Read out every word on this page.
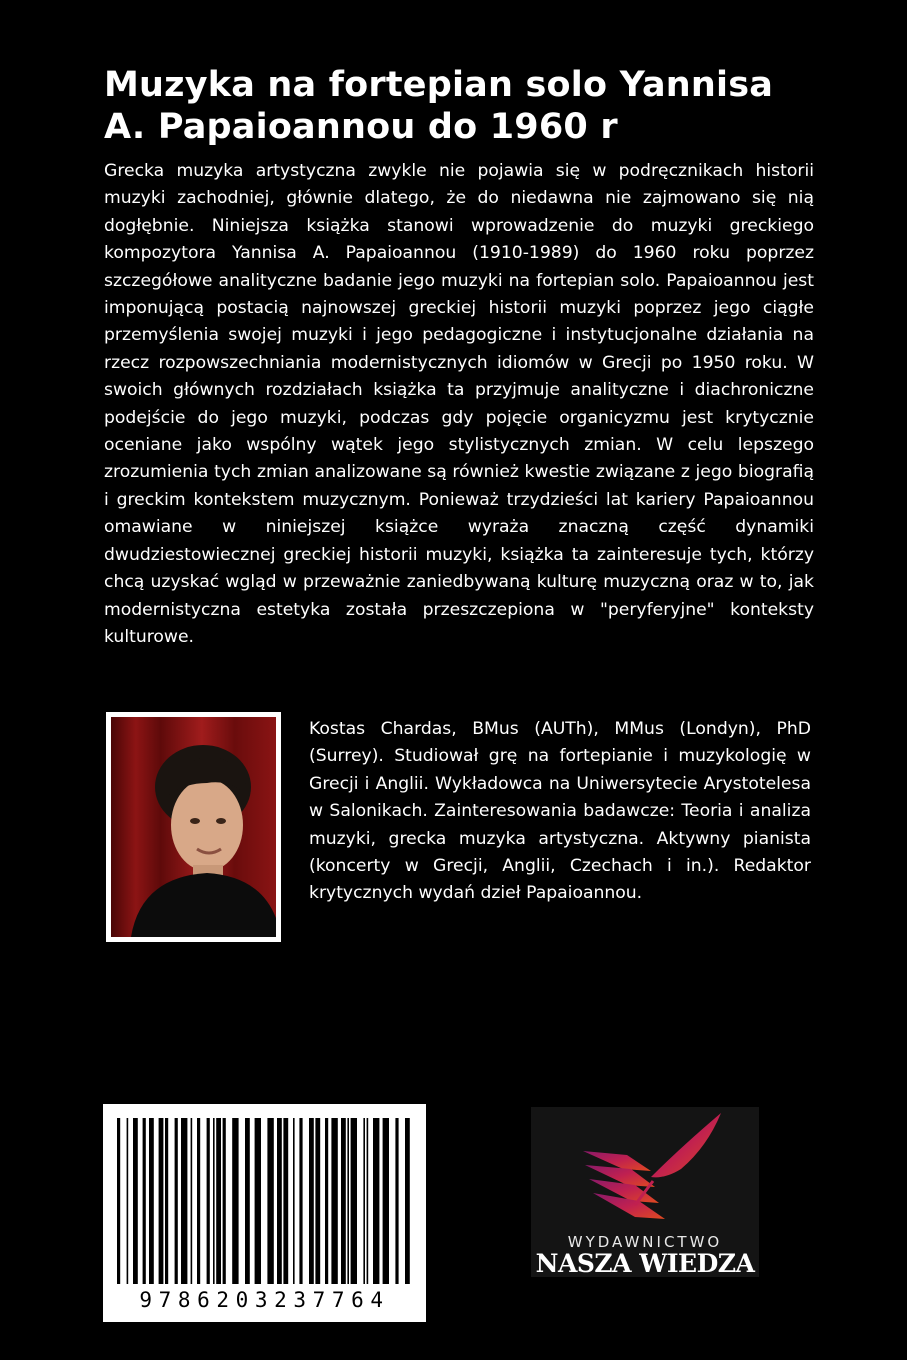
Muzyka na fortepian solo Yannisa A. Papaioannou do 1960 r

Grecka muzyka artystyczna zwykle nie pojawia się w podręcznikach historii muzyki zachodniej, głównie dlatego, że do niedawna nie zajmowano się nią dogłębnie. Niniejsza książka stanowi wprowadzenie do muzyki greckiego kompozytora Yannisa A. Papaioannou (1910-1989) do 1960 roku poprzez szczegółowe analityczne badanie jego muzyki na fortepian solo. Papaioannou jest imponującą postacią najnowszej greckiej historii muzyki poprzez jego ciągłe przemyślenia swojej muzyki i jego pedagogiczne i instytucjonalne działania na rzecz rozpowszechniania modernistycznych idiomów w Grecji po 1950 roku. W swoich głównych rozdziałach książka ta przyjmuje analityczne i diachroniczne podejście do jego muzyki, podczas gdy pojęcie organicyzmu jest krytycznie oceniane jako wspólny wątek jego stylistycznych zmian. W celu lepszego zrozumienia tych zmian analizowane są również kwestie związane z jego biografią i greckim kontekstem muzycznym. Ponieważ trzydzieści lat kariery Papaioannou omawiane w niniejszej książce wyraża znaczną część dynamiki dwudziestowiecznej greckiej historii muzyki, książka ta zainteresuje tych, którzy chcą uzyskać wgląd w przeważnie zaniedbywaną kulturę muzyczną oraz w to, jak modernistyczna estetyka została przeszczepiona w "peryferyjne" konteksty kulturowe.

Kostas Chardas, BMus (AUTh), MMus (Londyn), PhD (Surrey). Studiował grę na fortepianie i muzykologię w Grecji i Anglii. Wykładowca na Uniwersytecie Arystotelesa w Salonikach. Zainteresowania badawcze: Teoria i analiza muzyki, grecka muzyka artystyczna. Aktywny pianista (koncerty w Grecji, Anglii, Czechach i in.). Redaktor krytycznych wydań dzieł Papaioannou.

9786203237764
WYDAWNICTWO
NASZA WIEDZA
